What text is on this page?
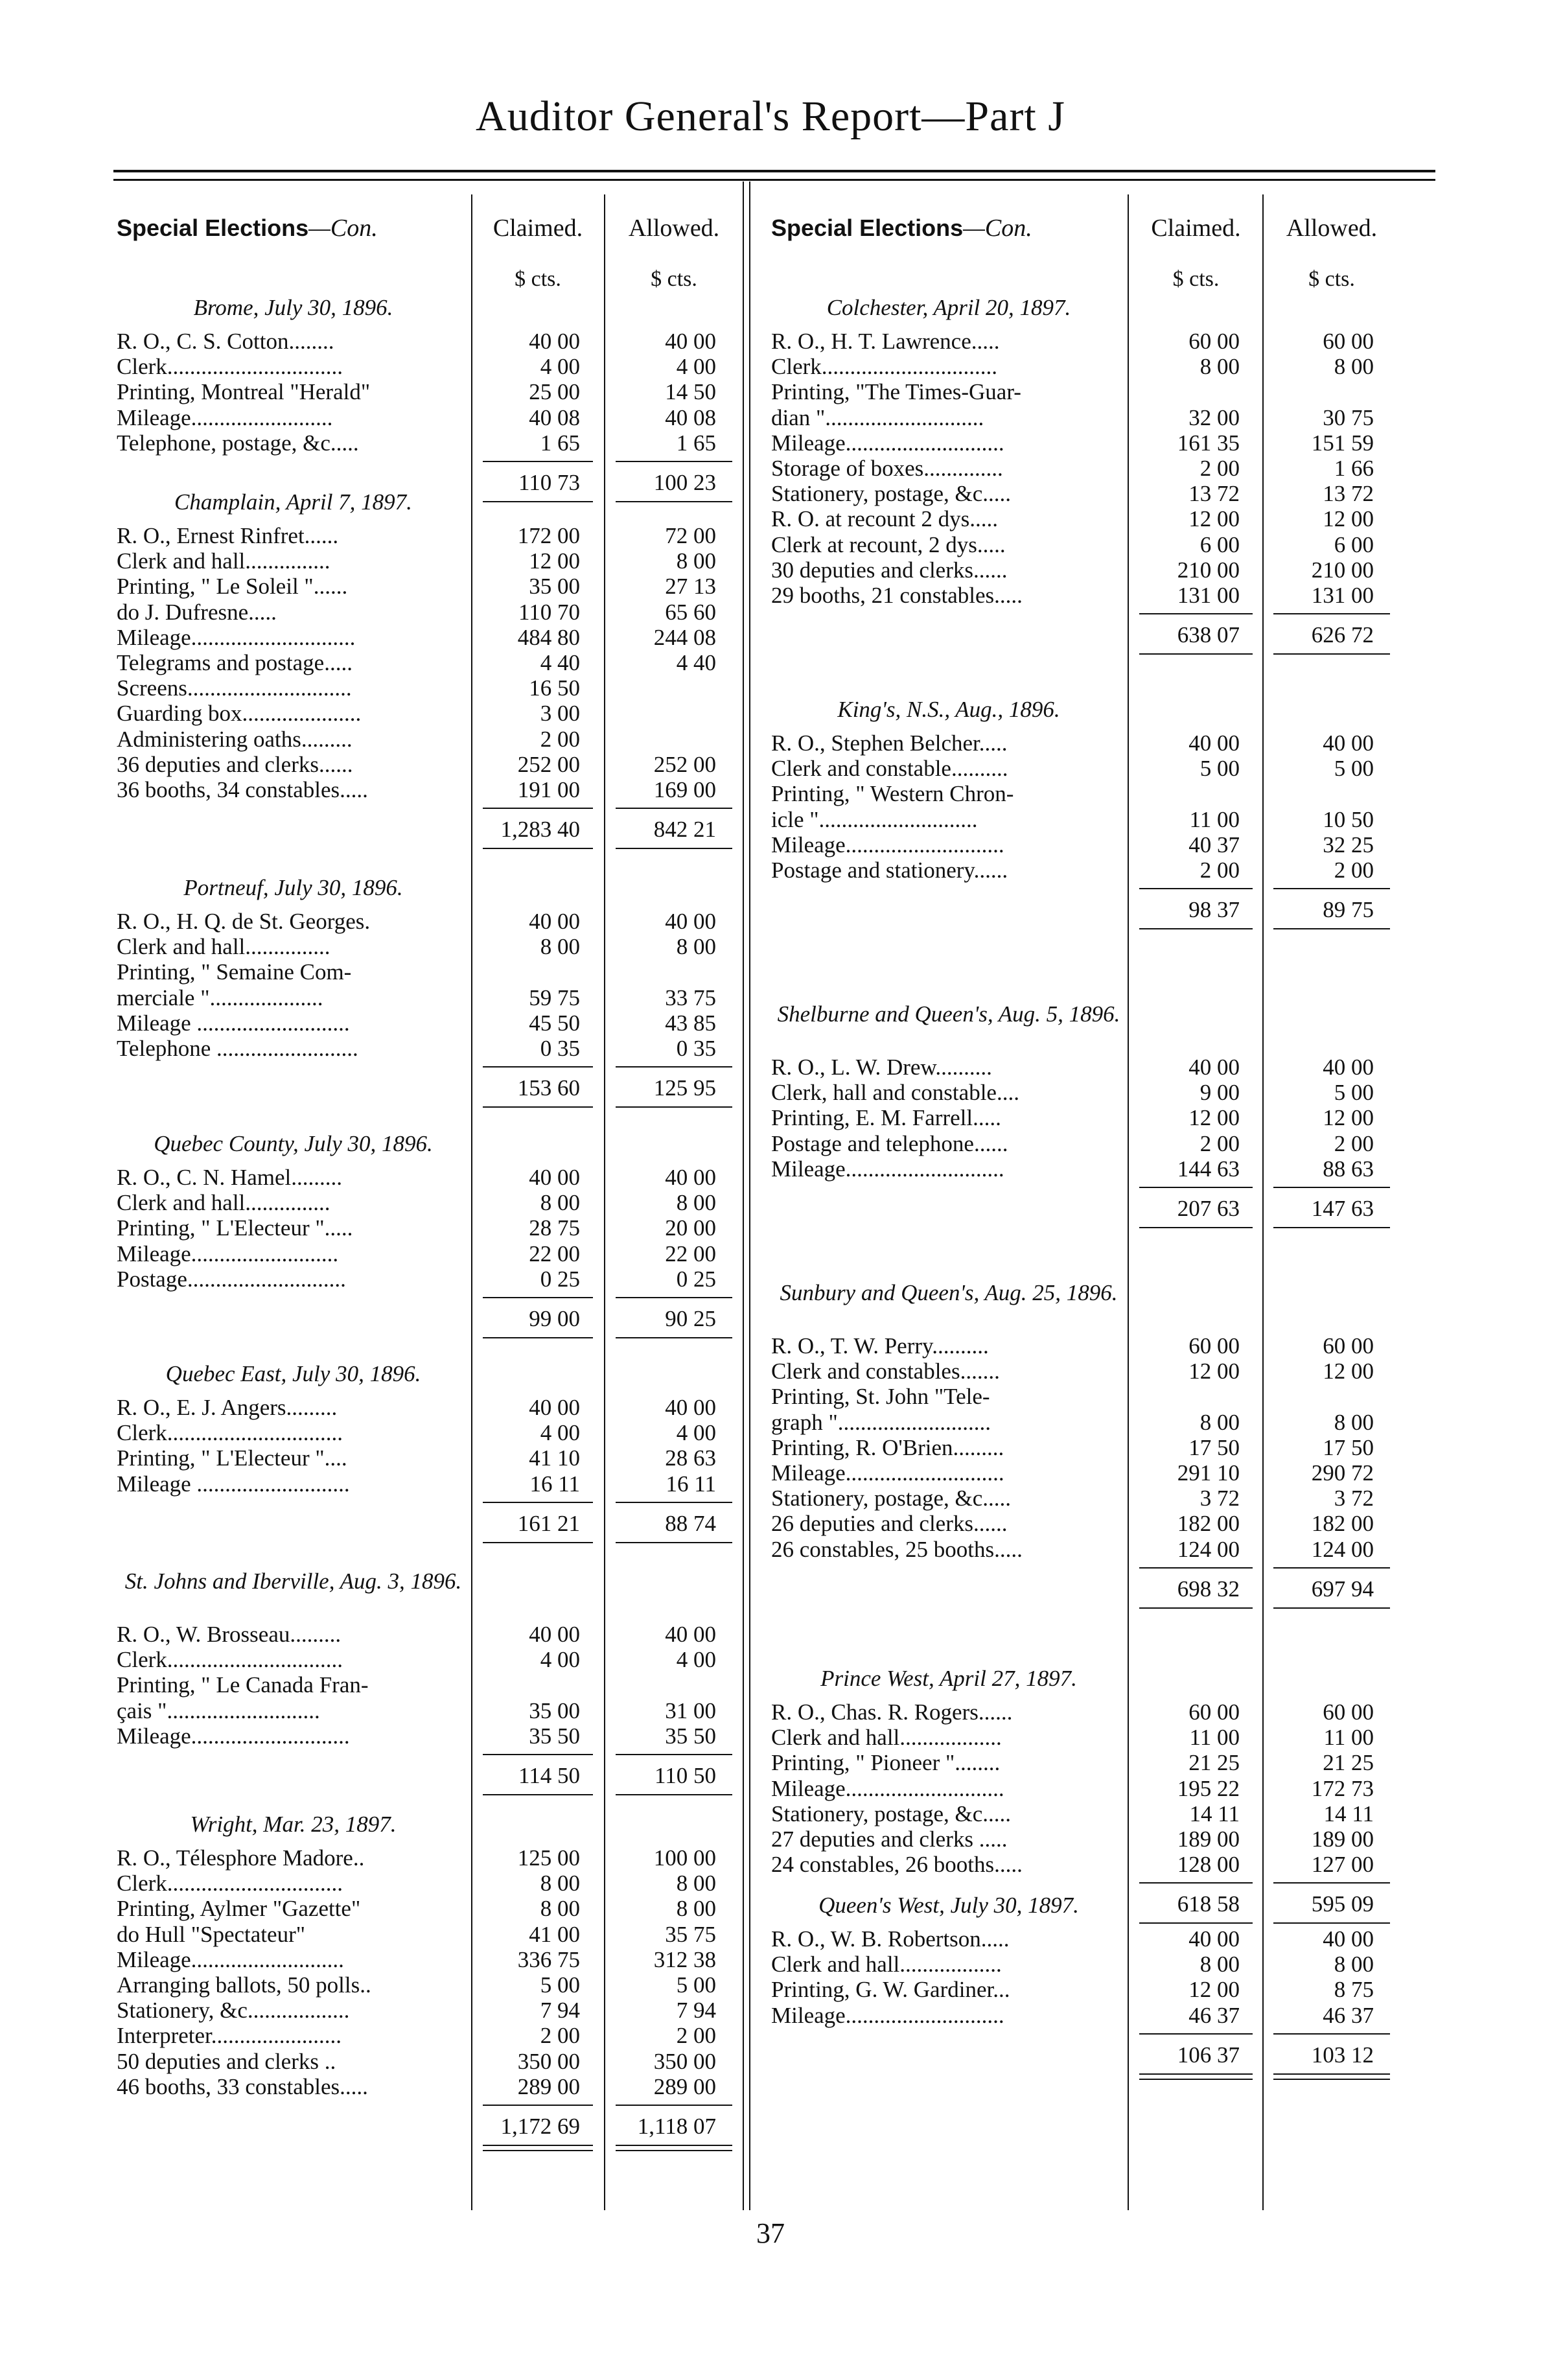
Auditor General's Report—Part J
Special Elections—Con.	Claimed.	Allowed.
$ cts.	$ cts.
Special Elections—Con.	Claimed.	Allowed.
$ cts.	$ cts.
37
Brome, July 30, 1896.
R. O., C. S. Cotton........	40 00	40 00
Clerk...............................	4 00	4 00
Printing, Montreal "Herald"	25 00	14 50
Mileage.........................	40 08	40 08
Telephone, postage, &c.....	1 65	1 65
110 73	100 23
Champlain, April 7, 1897.
R. O., Ernest Rinfret......	172 00	72 00
Clerk and hall...............	12 00	8 00
Printing, " Le Soleil "......	35 00	27 13
do J. Dufresne.....	110 70	65 60
Mileage.............................	484 80	244 08
Telegrams and postage.....	4 40	4 40
Screens.............................	16 50
Guarding box.....................	3 00
Administering oaths.........	2 00
36 deputies and clerks......	252 00	252 00
36 booths, 34 constables.....	191 00	169 00
1,283 40	842 21
Portneuf, July 30, 1896.
R. O., H. Q. de St. Georges.	40 00	40 00
Clerk and hall...............	8 00	8 00
Printing, " Semaine Com-
merciale "....................	59 75	33 75
Mileage ...........................	45 50	43 85
Telephone .........................	0 35	0 35
153 60	125 95
Quebec County, July 30, 1896.
R. O., C. N. Hamel.........	40 00	40 00
Clerk and hall...............	8 00	8 00
Printing, " L'Electeur ".....	28 75	20 00
Mileage..........................	22 00	22 00
Postage............................	0 25	0 25
99 00	90 25
Quebec East, July 30, 1896.
R. O., E. J. Angers.........	40 00	40 00
Clerk...............................	4 00	4 00
Printing, " L'Electeur "....	41 10	28 63
Mileage ...........................	16 11	16 11
161 21	88 74
St. Johns and Iberville, Aug. 3, 1896.
R. O., W. Brosseau.........	40 00	40 00
Clerk...............................	4 00	4 00
Printing, " Le Canada Fran-
çais "...........................	35 00	31 00
Mileage............................	35 50	35 50
114 50	110 50
Wright, Mar. 23, 1897.
R. O., Télesphore Madore..	125 00	100 00
Clerk...............................	8 00	8 00
Printing, Aylmer "Gazette"	8 00	8 00
do Hull "Spectateur"	41 00	35 75
Mileage...........................	336 75	312 38
Arranging ballots, 50 polls..	5 00	5 00
Stationery, &c..................	7 94	7 94
Interpreter.......................	2 00	2 00
50 deputies and clerks ..	350 00	350 00
46 booths, 33 constables.....	289 00	289 00
1,172 69	1,118 07
Colchester, April 20, 1897.
R. O., H. T. Lawrence.....	60 00	60 00
Clerk...............................	8 00	8 00
Printing, "The Times-Guar-
dian "............................	32 00	30 75
Mileage............................	161 35	151 59
Storage of boxes..............	2 00	1 66
Stationery, postage, &c.....	13 72	13 72
R. O. at recount 2 dys.....	12 00	12 00
Clerk at recount, 2 dys.....	6 00	6 00
30 deputies and clerks......	210 00	210 00
29 booths, 21 constables.....	131 00	131 00
638 07	626 72
King's, N.S., Aug., 1896.
R. O., Stephen Belcher.....	40 00	40 00
Clerk and constable..........	5 00	5 00
Printing, " Western Chron-
icle "............................	11 00	10 50
Mileage............................	40 37	32 25
Postage and stationery......	2 00	2 00
98 37	89 75
Shelburne and Queen's, Aug. 5, 1896.
R. O., L. W. Drew..........	40 00	40 00
Clerk, hall and constable....	9 00	5 00
Printing, E. M. Farrell.....	12 00	12 00
Postage and telephone......	2 00	2 00
Mileage............................	144 63	88 63
207 63	147 63
Sunbury and Queen's, Aug. 25, 1896.
R. O., T. W. Perry..........	60 00	60 00
Clerk and constables.......	12 00	12 00
Printing, St. John "Tele-
graph "...........................	8 00	8 00
Printing, R. O'Brien.........	17 50	17 50
Mileage............................	291 10	290 72
Stationery, postage, &c.....	3 72	3 72
26 deputies and clerks......	182 00	182 00
26 constables, 25 booths.....	124 00	124 00
698 32	697 94
Prince West, April 27, 1897.
R. O., Chas. R. Rogers......	60 00	60 00
Clerk and hall..................	11 00	11 00
Printing, " Pioneer "........	21 25	21 25
Mileage............................	195 22	172 73
Stationery, postage, &c.....	14 11	14 11
27 deputies and clerks .....	189 00	189 00
24 constables, 26 booths.....	128 00	127 00
618 58	595 09
Queen's West, July 30, 1897.
R. O., W. B. Robertson.....	40 00	40 00
Clerk and hall..................	8 00	8 00
Printing, G. W. Gardiner...	12 00	8 75
Mileage............................	46 37	46 37
106 37	103 12
